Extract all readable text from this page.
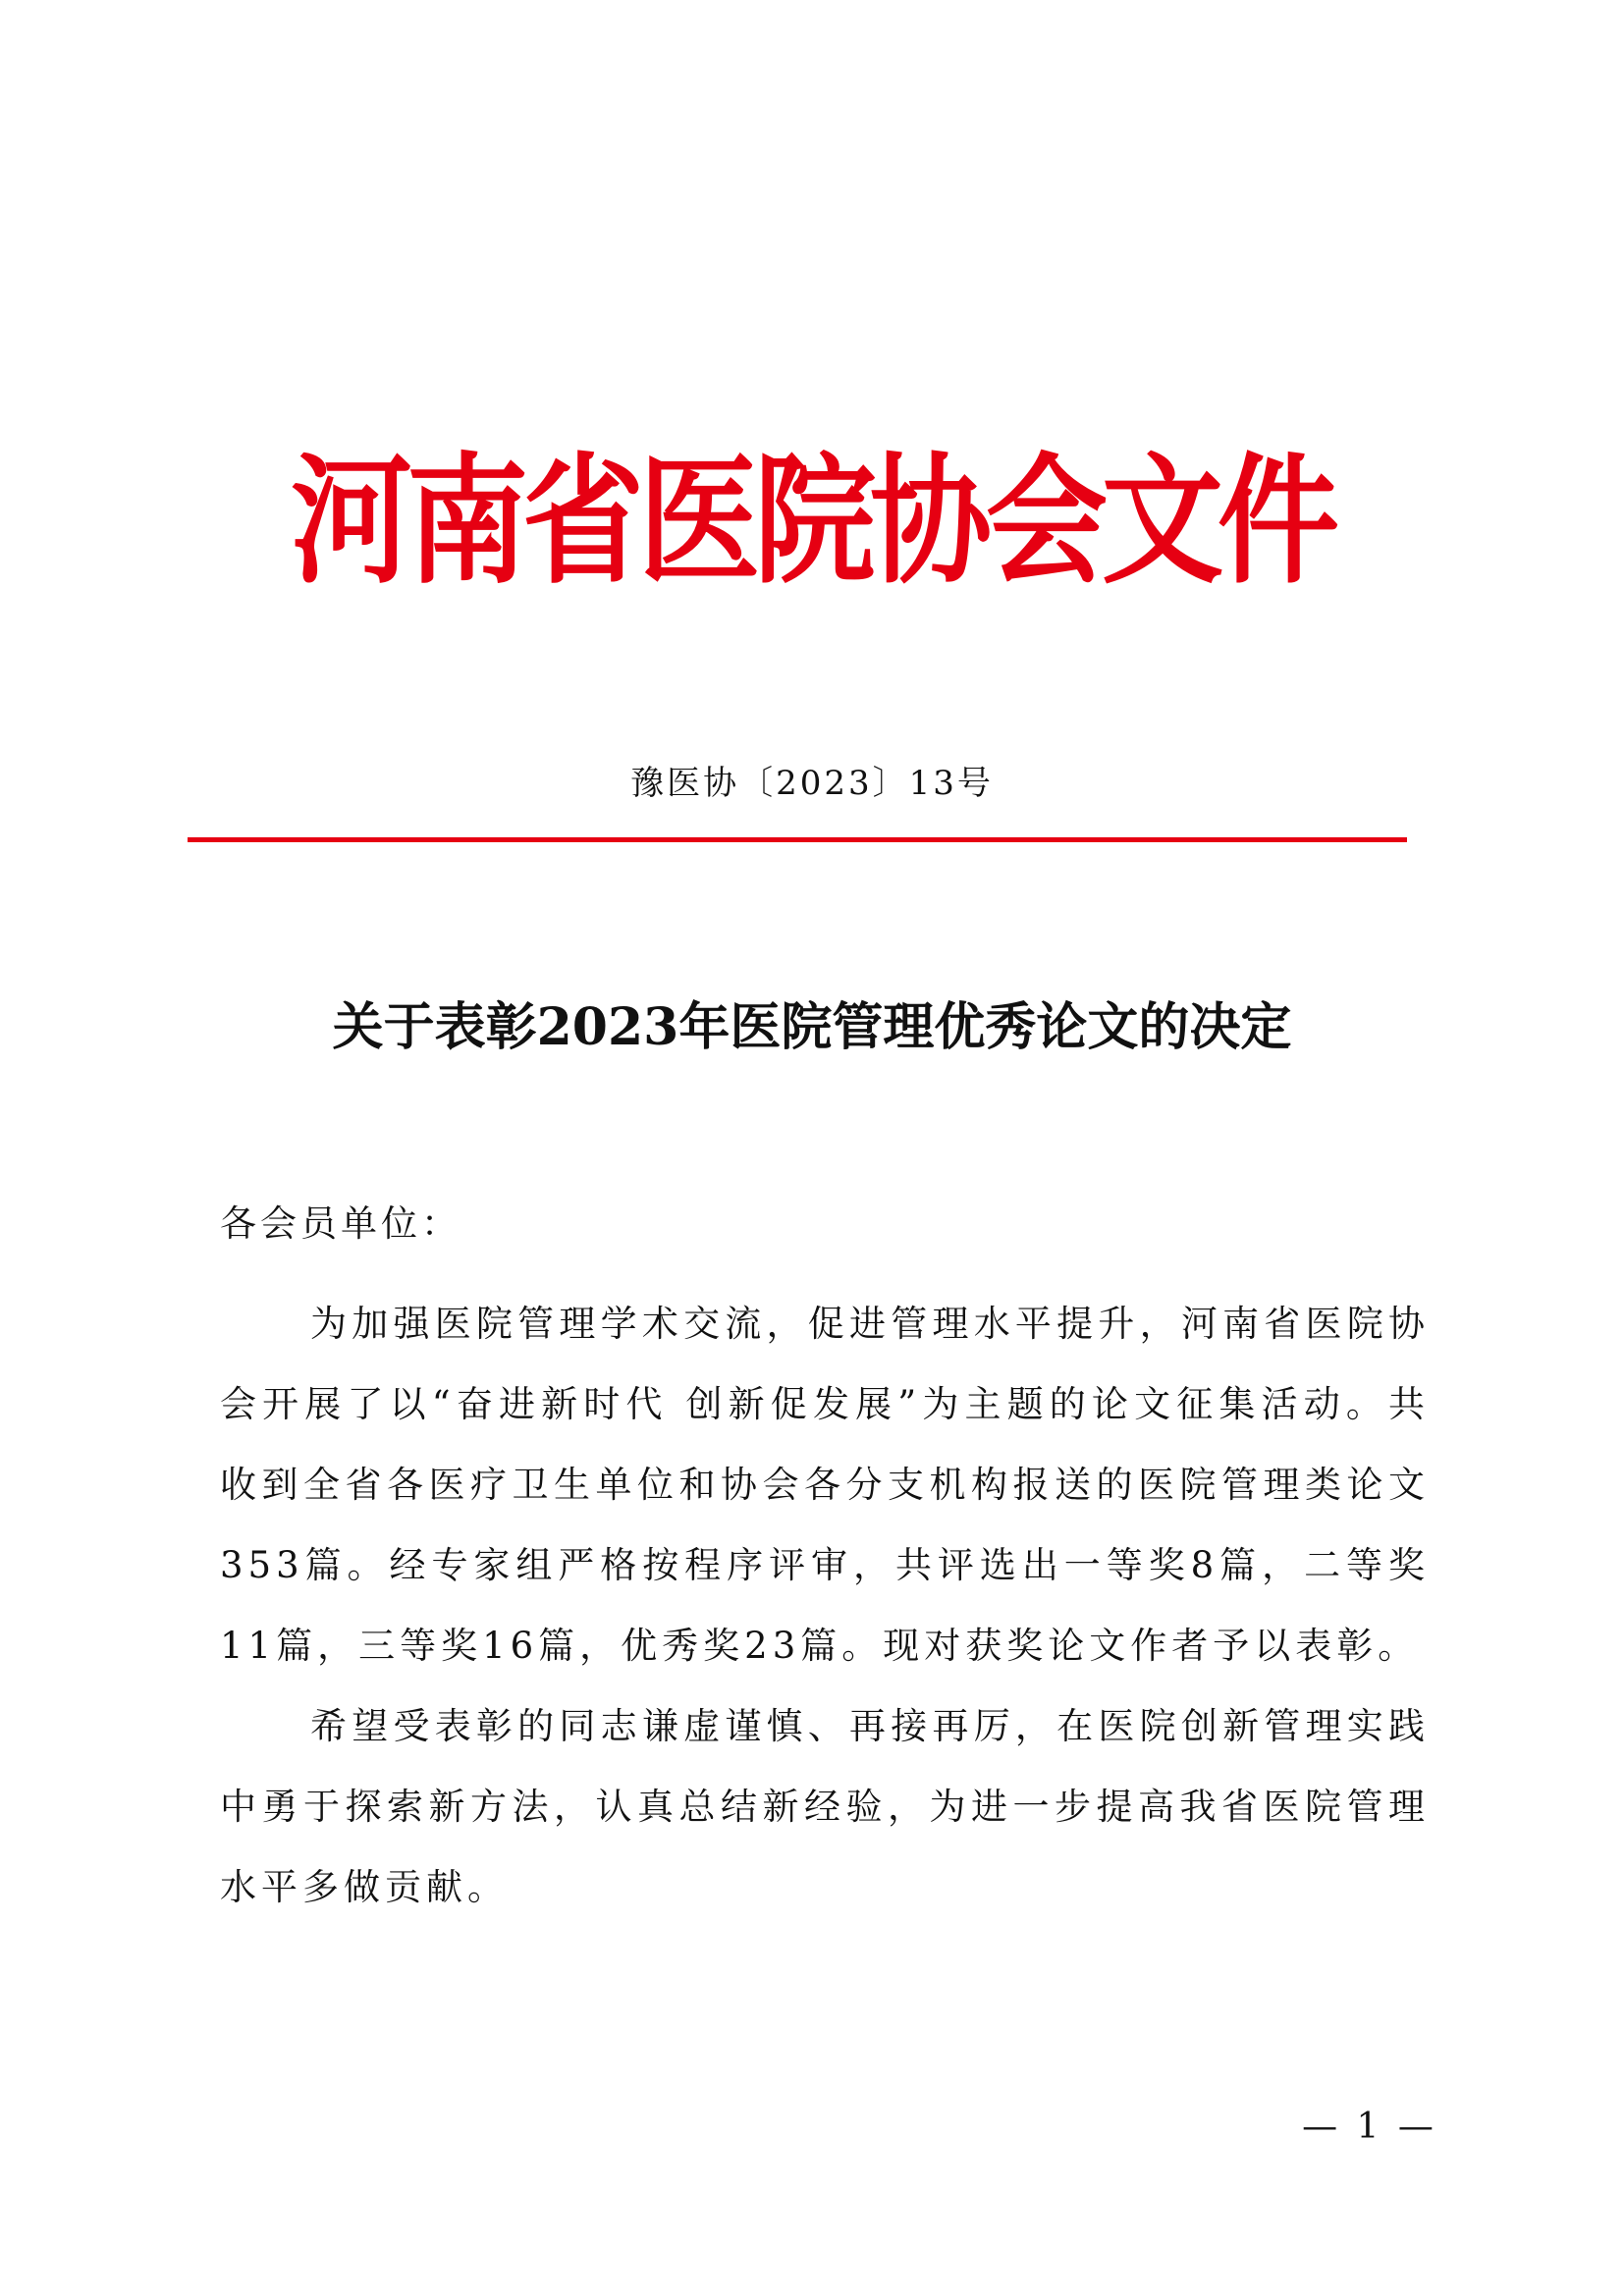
河南省医院协会文件
豫医协〔2023〕13号
关于表彰2023年医院管理优秀论文的决定
各会员单位：

为加强医院管理学术交流，促进管理水平提升，河南省医院协会开展了以“奋进新时代 创新促发展”为主题的论文征集活动。共收到全省各医疗卫生单位和协会各分支机构报送的医院管理类论文353篇。经专家组严格按程序评审，共评选出一等奖8篇，二等奖11篇，三等奖16篇，优秀奖23篇。现对获奖论文作者予以表彰。

希望受表彰的同志谦虚谨慎、再接再厉，在医院创新管理实践中勇于探索新方法，认真总结新经验，为进一步提高我省医院管理水平多做贡献。

— 1 —
